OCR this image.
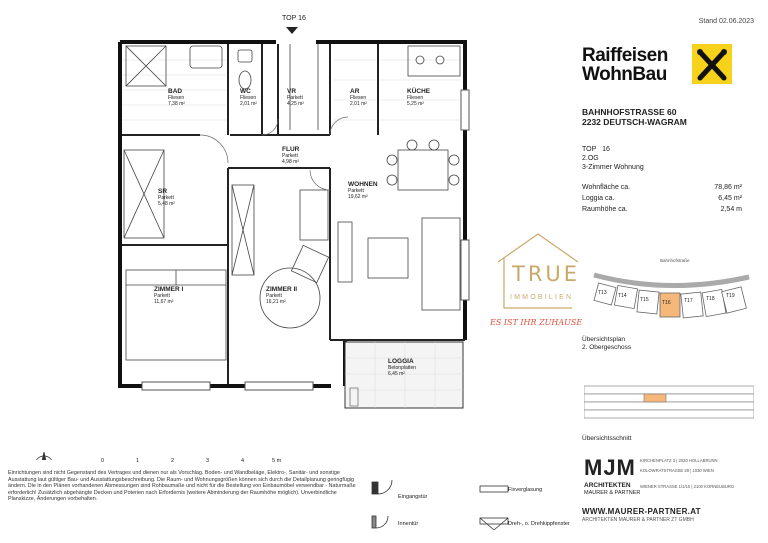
TOP 16	Stand 02.06.2023
BAD
Fliesen
7,38 m²
WC
Fliesen
2,01 m²
VR
Parkett
4,25 m²
AR
Fliesen
2,01 m²
KÜCHE
Fliesen
5,25 m²
FLUR
Parkett
4,98 m²
SR
Parkett
5,48 m²
WOHNEN
Parkett
19,62 m²
ZIMMER I
Parkett
11,67 m²
ZIMMER II
Parkett
16,21 m²
LOGGIA
Betonplatten
6,45 m²
0	1	2	3	4	5 m
Einrichtungen sind nicht Gegenstand des Vertrages und dienen nur als Vorschlag. Boden- und Wandbeläge, Elektro-, Sanitär- und sonstige Ausstattung laut gültiger Bau- und Ausstattungsbeschreibung. Die Raum- und Wohnungsgrößen können sich durch die Detailplanung geringfügig ändern. Die in den Plänen vorhandenen Abmessungen sind Rohbaumaße und nicht für die Bestellung von Einbaumöbel verwendbar - Naturmaße erforderlich! Zusätzlich abgehängte Decken und Poterien nach Erfordernis (weitere Abminderung der Raumhöhe möglich). Unverbindliche Planskizze, Änderungen vorbehalten.	Eingangstür
Innentür
Fixverglasung
Dreh-, o. Drehkippfenster
TRUE
IMMOBILIEN
ES IST IHR ZUHAUSE
Raiffeisen
WohnBau
BAHNHOFSTRASSE 60
2232 DEUTSCH-WAGRAM
TOP 16
2.OG
3-Zimmer Wohnung
Wohnfläche ca.	78,86 m²
Loggia ca.	6,45 m²
Raumhöhe ca.	2,54 m
Bahnhofstraße
T13 T14
T15	T16	T17	T18 T19
Übersichtsplan
2. Obergeschoss
Übersichtsschnitt
MJM
ARCHITEKTEN
MAURER & PARTNER
KIRCHENPLATZ 3 | 2020 HOLLABRUNN
KOLOWRATSTRASSE 28 | 1030 WIEN
WIENER STRASSE 1/1/10 | 2100 KORNEUBURG
WWW.MAURER-PARTNER.AT
ARCHITEKTEN MAURER & PARTNER ZT GMBH
